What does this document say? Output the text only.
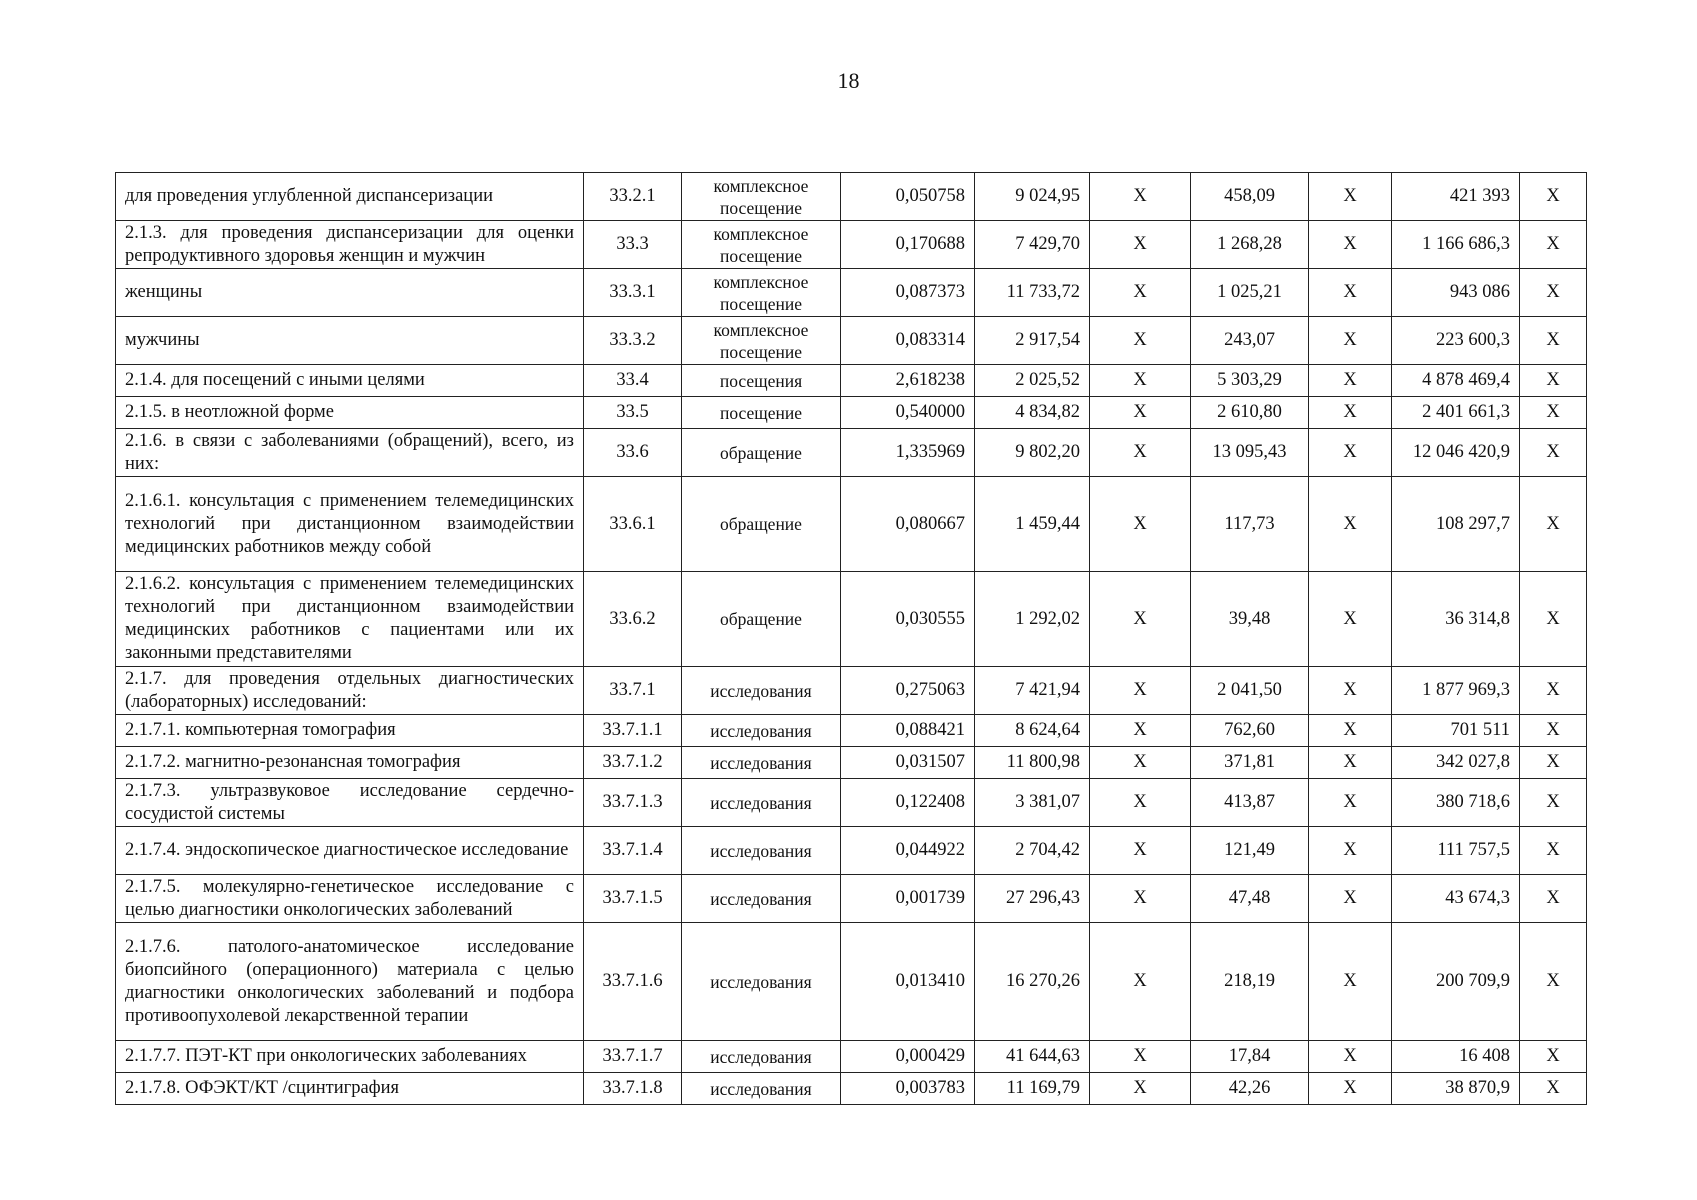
18
для проведения углубленной диспансеризации	33.2.1	комплексное посещение	0,050758	9 024,95	Х	458,09	Х	421 393	Х
2.1.3. для проведения диспансеризации для оценки репродуктивного здоровья женщин и мужчин	33.3	комплексное посещение	0,170688	7 429,70	Х	1 268,28	Х	1 166 686,3	Х
женщины	33.3.1	комплексное посещение	0,087373	11 733,72	Х	1 025,21	Х	943 086	Х
мужчины	33.3.2	комплексное посещение	0,083314	2 917,54	Х	243,07	Х	223 600,3	Х
2.1.4. для посещений с иными целями	33.4	посещения	2,618238	2 025,52	Х	5 303,29	Х	4 878 469,4	Х
2.1.5. в неотложной форме	33.5	посещение	0,540000	4 834,82	Х	2 610,80	Х	2 401 661,3	Х
2.1.6. в связи с заболеваниями (обращений), всего, из них:	33.6	обращение	1,335969	9 802,20	Х	13 095,43	Х	12 046 420,9	Х
2.1.6.1. консультация с применением телемедицинских технологий при дистанционном взаимодействии медицинских работников между собой	33.6.1	обращение	0,080667	1 459,44	Х	117,73	Х	108 297,7	Х
2.1.6.2. консультация с применением телемедицинских технологий при дистанционном взаимодействии медицинских работников с пациентами или их законными представителями	33.6.2	обращение	0,030555	1 292,02	Х	39,48	Х	36 314,8	Х
2.1.7. для проведения отдельных диагностических (лабораторных) исследований:	33.7.1	исследования	0,275063	7 421,94	Х	2 041,50	Х	1 877 969,3	Х
2.1.7.1. компьютерная томография	33.7.1.1	исследования	0,088421	8 624,64	Х	762,60	Х	701 511	Х
2.1.7.2. магнитно-резонансная томография	33.7.1.2	исследования	0,031507	11 800,98	Х	371,81	Х	342 027,8	Х
2.1.7.3. ультразвуковое исследование сердечно-сосудистой системы	33.7.1.3	исследования	0,122408	3 381,07	Х	413,87	Х	380 718,6	Х
2.1.7.4. эндоскопическое диагностическое исследование	33.7.1.4	исследования	0,044922	2 704,42	Х	121,49	Х	111 757,5	Х
2.1.7.5. молекулярно-генетическое исследование с целью диагностики онкологических заболеваний	33.7.1.5	исследования	0,001739	27 296,43	Х	47,48	Х	43 674,3	Х
2.1.7.6. патолого-анатомическое исследование биопсийного (операционного) материала с целью диагностики онкологических заболеваний и подбора противоопухолевой лекарственной терапии	33.7.1.6	исследования	0,013410	16 270,26	Х	218,19	Х	200 709,9	Х
2.1.7.7. ПЭТ-КТ при онкологических заболеваниях	33.7.1.7	исследования	0,000429	41 644,63	Х	17,84	Х	16 408	Х
2.1.7.8. ОФЭКТ/КТ /сцинтиграфия	33.7.1.8	исследования	0,003783	11 169,79	Х	42,26	Х	38 870,9	Х
